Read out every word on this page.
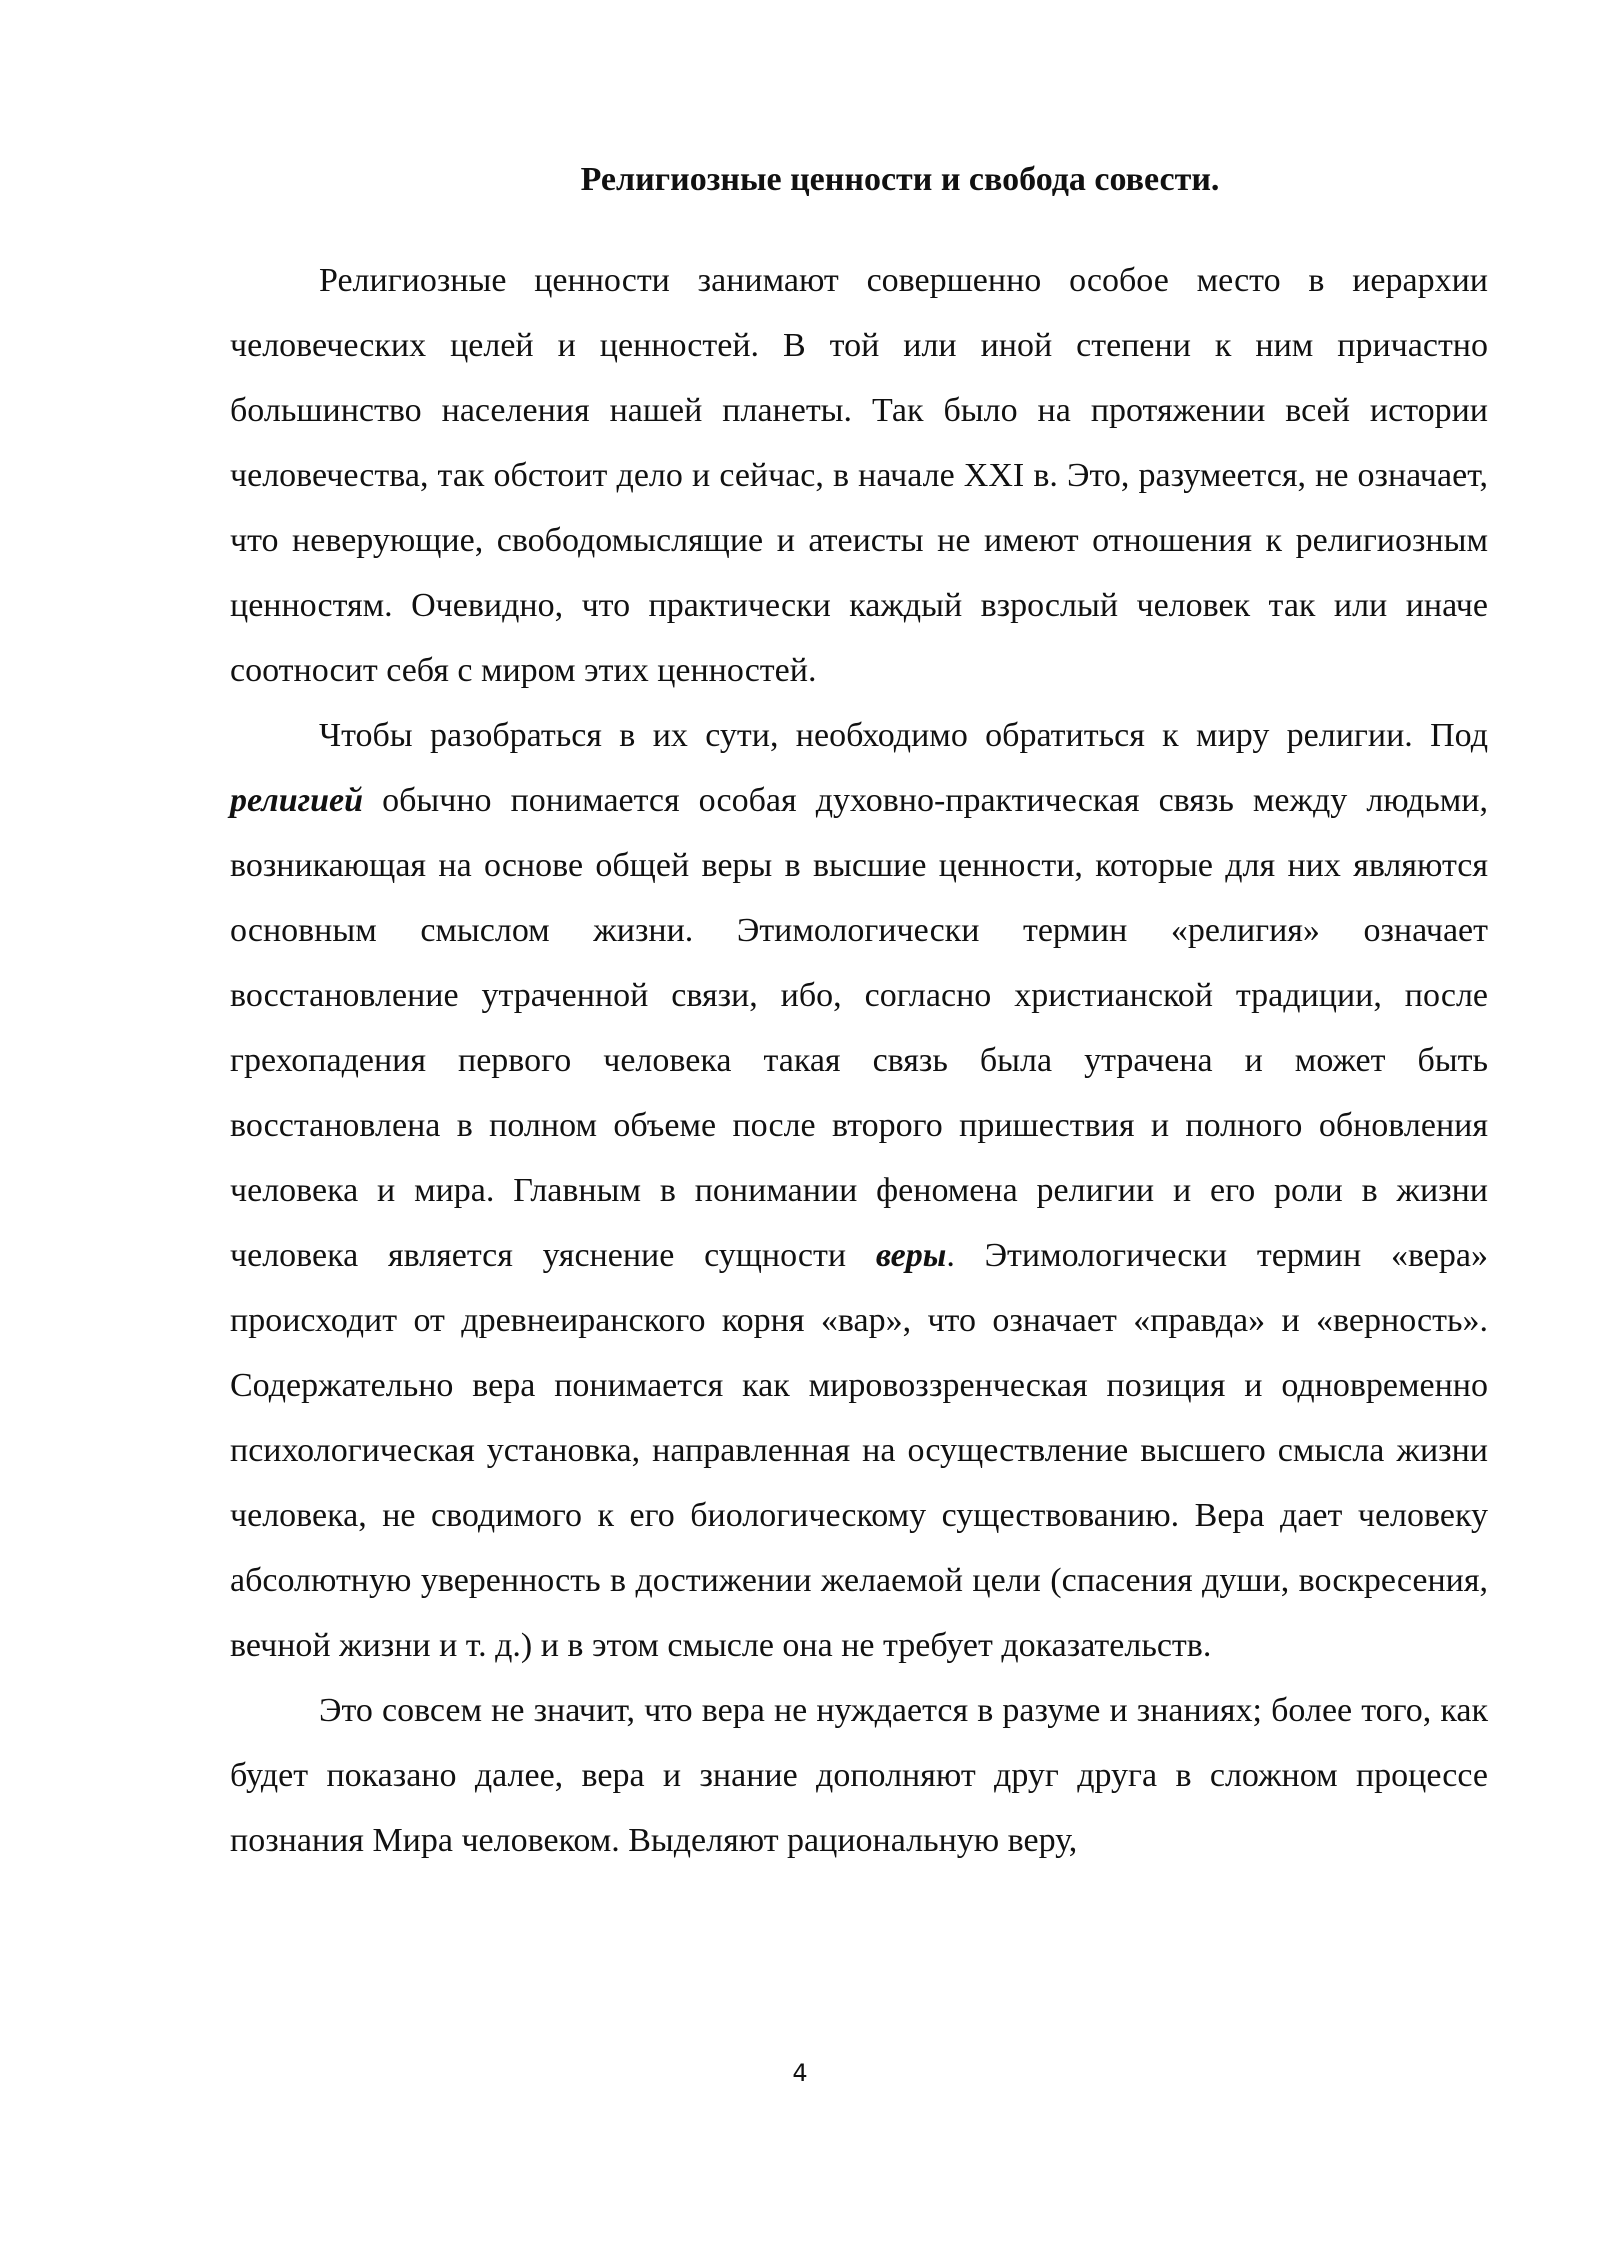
Религиозные ценности и свобода совести.

Религиозные ценности занимают совершенно особое место в иерархии человеческих целей и ценностей. В той или иной степени к ним причастно большинство населения нашей планеты. Так было на протяжении всей истории человечества, так обстоит дело и сейчас, в начале XXI в. Это, разумеется, не означает, что неверующие, свободомыслящие и атеисты не имеют отношения к религиозным ценностям. Очевидно, что практически каждый взрослый человек так или иначе соотносит себя с миром этих ценностей.

Чтобы разобраться в их сути, необходимо обратиться к миру религии. Под религией обычно понимается особая духовно-практическая связь между людьми, возникающая на основе общей веры в высшие ценности, которые для них являются основным смыслом жизни. Этимологически термин «религия» означает восстановление утраченной связи, ибо, согласно христианской традиции, после грехопадения первого человека такая связь была утрачена и может быть восстановлена в полном объеме после второго пришествия и полного обновления человека и мира. Главным в понимании феномена религии и его роли в жизни человека является уяснение сущности веры. Этимологически термин «вера» происходит от древнеиранского корня «вар», что означает «правда» и «верность». Содержательно вера понимается как мировоззренческая позиция и одновременно психологическая установка, направленная на осуществление высшего смысла жизни человека, не сводимого к его биологическому существованию. Вера дает человеку абсолютную уверенность в достижении желаемой цели (спасения души, воскресения, вечной жизни и т. д.) и в этом смысле она не требует доказательств.

Это совсем не значит, что вера не нуждается в разуме и знаниях; более того, как будет показано далее, вера и знание дополняют друг друга в сложном процессе познания Мира человеком. Выделяют рациональную веру,

4
